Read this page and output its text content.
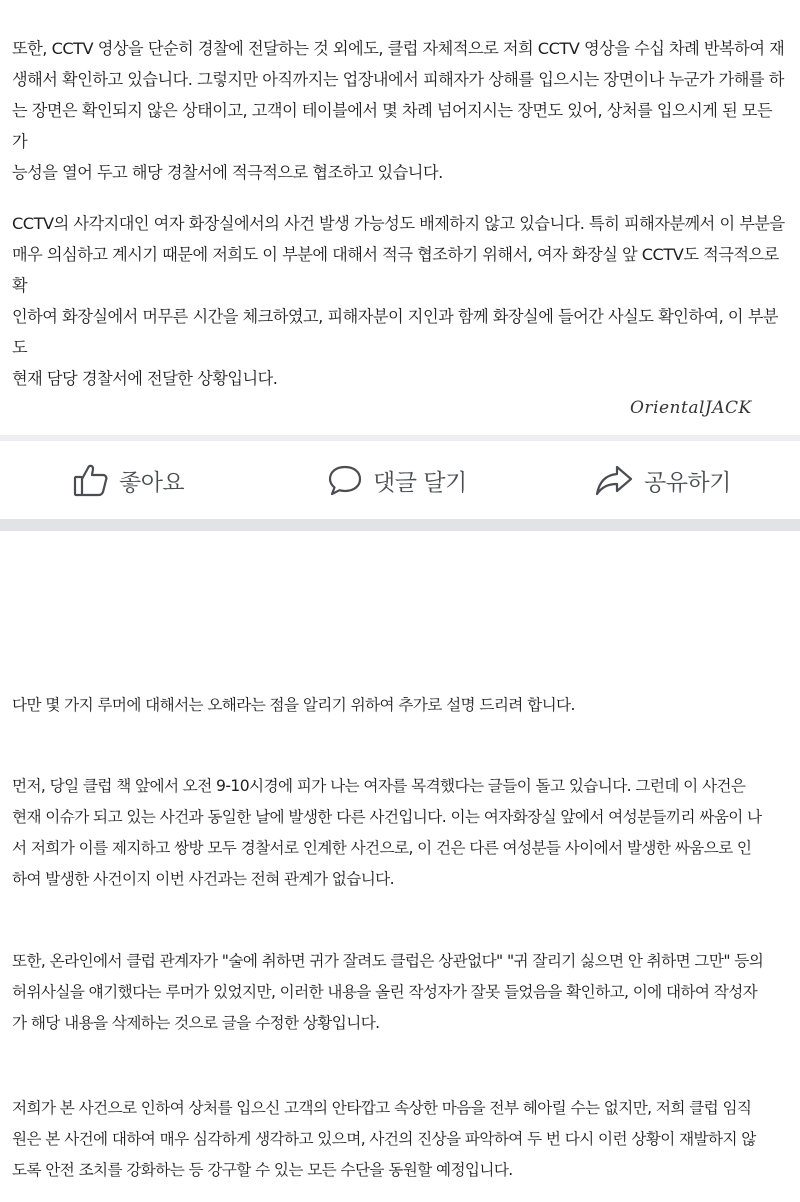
또한, CCTV 영상을 단순히 경찰에 전달하는 것 외에도, 클럽 자체적으로 저희 CCTV 영상을 수십 차례 반복하여 재
생해서 확인하고 있습니다. 그렇지만 아직까지는 업장내에서 피해자가 상해를 입으시는 장면이나 누군가 가해를 하
는 장면은 확인되지 않은 상태이고, 고객이 테이블에서 몇 차례 넘어지시는 장면도 있어, 상처를 입으시게 된 모든 가
능성을 열어 두고 해당 경찰서에 적극적으로 협조하고 있습니다.

CCTV의 사각지대인 여자 화장실에서의 사건 발생 가능성도 배제하지 않고 있습니다. 특히 피해자분께서 이 부분을
매우 의심하고 계시기 때문에 저희도 이 부분에 대해서 적극 협조하기 위해서, 여자 화장실 앞 CCTV도 적극적으로 확
인하여 화장실에서 머무른 시간을 체크하였고, 피해자분이 지인과 함께 화장실에 들어간 사실도 확인하여, 이 부분도
현재 담당 경찰서에 전달한 상황입니다.

OrientalJACK
좋아요	댓글 달기	공유하기

다만 몇 가지 루머에 대해서는 오해라는 점을 알리기 위하여 추가로 설명 드리려 합니다.

먼저, 당일 클럽 책 앞에서 오전 9-10시경에 피가 나는 여자를 목격했다는 글들이 돌고 있습니다. 그런데 이 사건은
현재 이슈가 되고 있는 사건과 동일한 날에 발생한 다른 사건입니다. 이는 여자화장실 앞에서 여성분들끼리 싸움이 나
서 저희가 이를 제지하고 쌍방 모두 경찰서로 인계한 사건으로, 이 건은 다른 여성분들 사이에서 발생한 싸움으로 인
하여 발생한 사건이지 이번 사건과는 전혀 관계가 없습니다.

또한, 온라인에서 클럽 관계자가 "술에 취하면 귀가 잘려도 클럽은 상관없다" "귀 잘리기 싫으면 안 취하면 그만" 등의
허위사실을 얘기했다는 루머가 있었지만, 이러한 내용을 올린 작성자가 잘못 들었음을 확인하고, 이에 대하여 작성자
가 해당 내용을 삭제하는 것으로 글을 수정한 상황입니다.

저희가 본 사건으로 인하여 상처를 입으신 고객의 안타깝고 속상한 마음을 전부 헤아릴 수는 없지만, 저희 클럽 임직
원은 본 사건에 대하여 매우 심각하게 생각하고 있으며, 사건의 진상을 파악하여 두 번 다시 이런 상황이 재발하지 않
도록 안전 조치를 강화하는 등 강구할 수 있는 모든 수단을 동원할 예정입니다.
